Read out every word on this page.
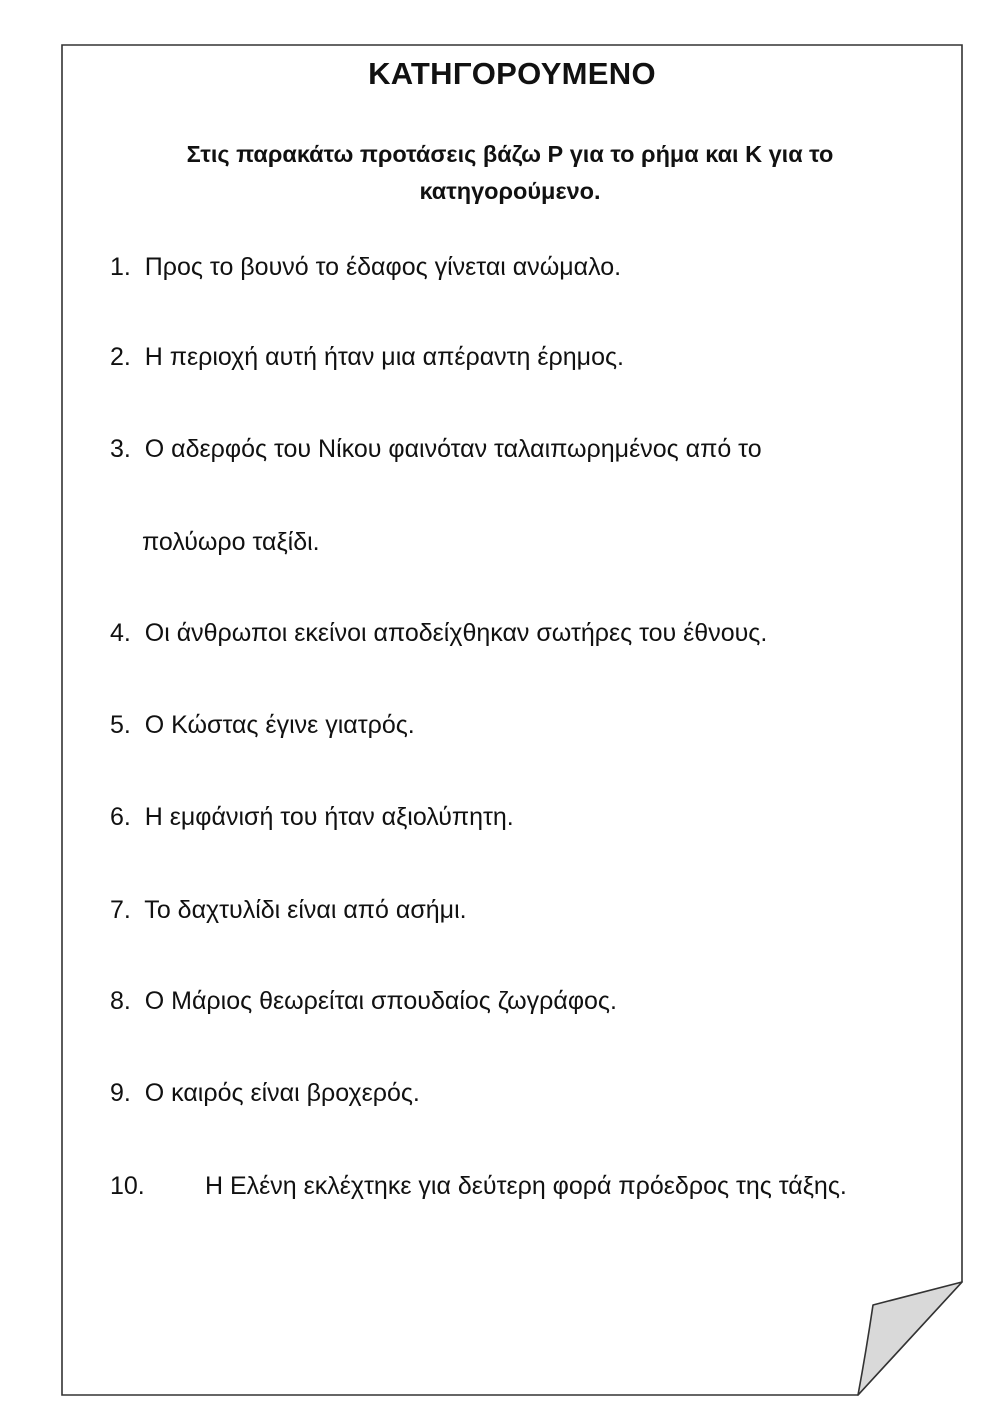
ΚΑΤΗΓΟΡΟΥΜΕΝΟ

Στις παρακάτω προτάσεις βάζω Ρ για το ρήμα και Κ για το κατηγορούμενο.

1.  Προς το βουνό το έδαφος γίνεται ανώμαλο.
2.  Η περιοχή αυτή ήταν μια απέραντη έρημος.
3.  Ο αδερφός του Νίκου φαινόταν ταλαιπωρημένος από το
πολύωρο ταξίδι.
4.  Οι άνθρωποι εκείνοι αποδείχθηκαν σωτήρες του έθνους.
5.  Ο Κώστας έγινε γιατρός.
6.  Η εμφάνισή του ήταν αξιολύπητη.
7.  Το δαχτυλίδι είναι από ασήμι.
8.  Ο Μάριος θεωρείται σπουδαίος ζωγράφος.
9.  Ο καιρός είναι βροχερός.
10. Η Ελένη εκλέχτηκε για δεύτερη φορά πρόεδρος της τάξης.
